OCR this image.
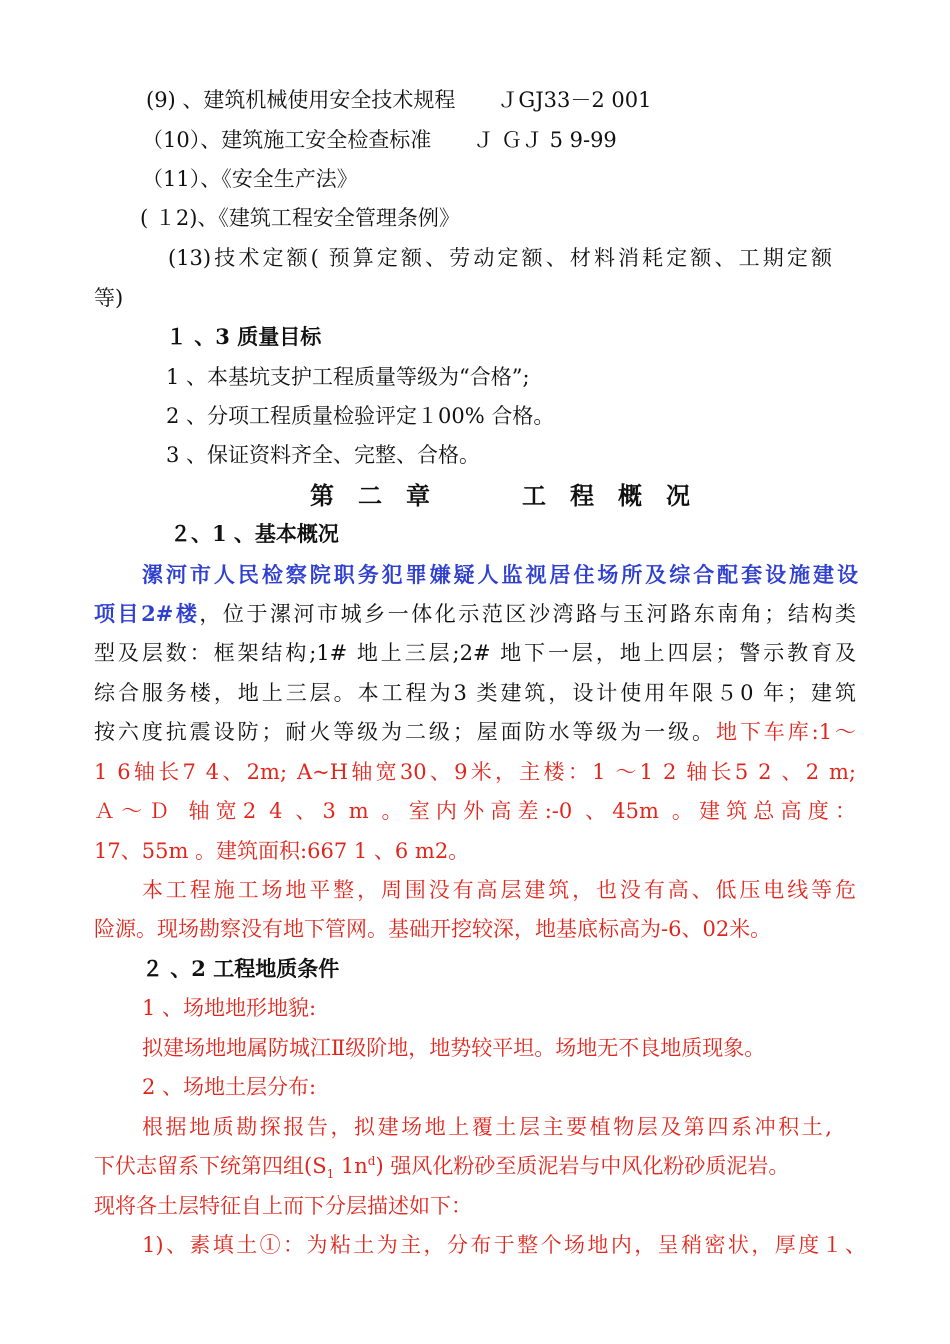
(9) 、建筑机械使用安全技术规程　　ＪGJ33－2 001
（10）、建筑施工安全检查标准　　Ｊ ＧＪ 5 9-99
（11）、《安全生产法》
( １2)、《建筑工程安全管理条例》
(13)技术定额( 预算定额、劳动定额、材料消耗定额、工期定额
等)
１ 、3 质量目标
1 、本基坑支护工程质量等级为“合格”;
2 、分项工程质量检验评定１00% 合格。
3 、保证资料齐全、完整、合格。
第　二　章	工　程　概　况
２、1 、基本概况
漯河市人民检察院职务犯罪嫌疑人监视居住场所及综合配套设施建设
项目2#楼，位于漯河市城乡一体化示范区沙湾路与玉河路东南角；结构类
型及层数：框架结构;1# 地上三层;2# 地下一层，地上四层；警示教育及
综合服务楼，地上三层。本工程为3 类建筑，设计使用年限５0 年；建筑
按六度抗震设防；耐火等级为二级；屋面防水等级为一级。地下车库:1～
1 6轴长7 4、2m; A~H轴宽30、9米，主楼：1 ～1 2 轴长5 2 、2 m;
Ａ～Ｄ 轴宽2 4 、3 m 。室内外高差:-0 、45m 。建筑总高度：
17、55m 。建筑面积:667 1 、6 m2。
本工程施工场地平整，周围没有高层建筑，也没有高、低压电线等危
险源。现场勘察没有地下管网。基础开挖较深，地基底标高为-6、02米。
２ 、2 工程地质条件
1 、场地地形地貌:
拟建场地地属防城江Ⅱ级阶地，地势较平坦。场地无不良地质现象。
2 、场地土层分布:
根据地质勘探报告，拟建场地上覆土层主要植物层及第四系冲积土,
下伏志留系下统第四组($S_1$ $1n^d$) 强风化粉砂至质泥岩与中风化粉砂质泥岩。
现将各土层特征自上而下分层描述如下：
1)、素填土①：为粘土为主，分布于整个场地内，呈稍密状，厚度１、
